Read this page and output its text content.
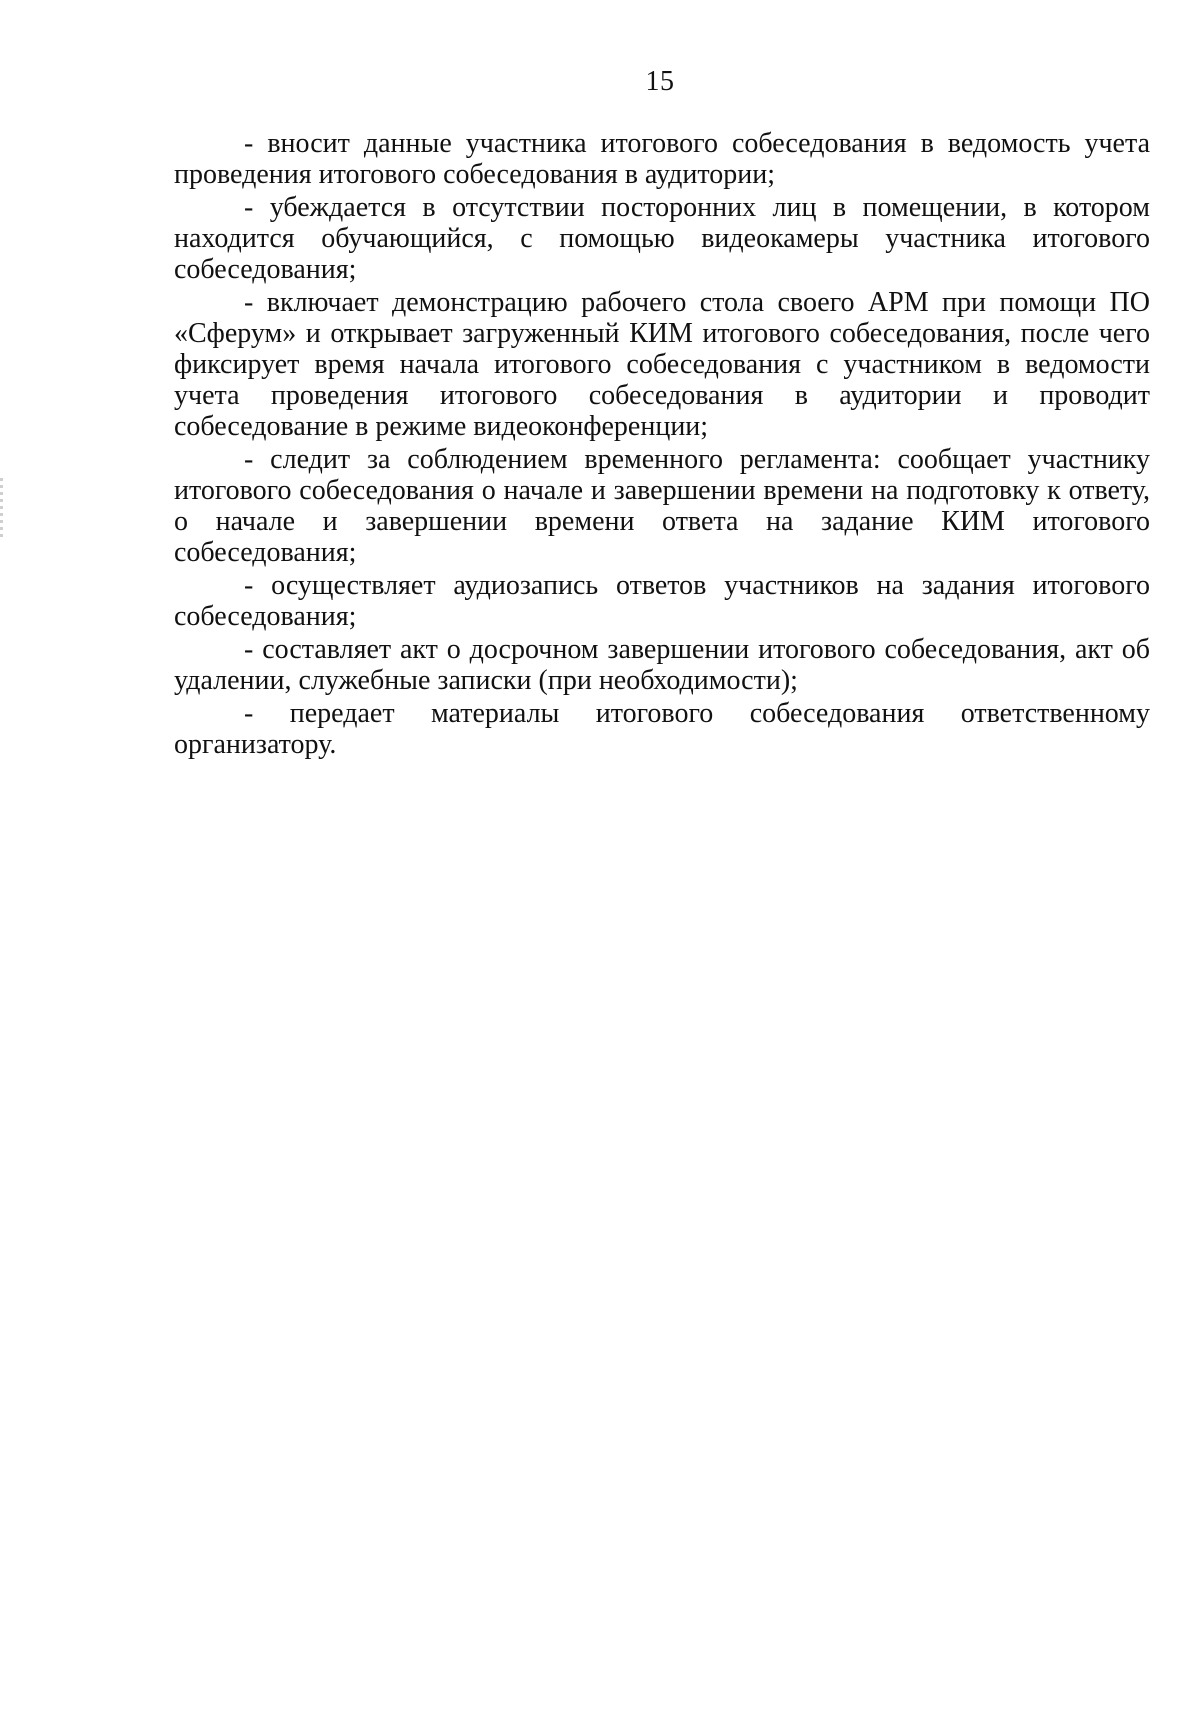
15

- вносит данные участника итогового собеседования в ведомость учета проведения итогового собеседования в аудитории;

- убеждается в отсутствии посторонних лиц в помещении, в котором находится обучающийся, с помощью видеокамеры участника итогового собеседования;

- включает демонстрацию рабочего стола своего АРМ при помощи ПО «Сферум» и открывает загруженный КИМ итогового собеседования, после чего фиксирует время начала итогового собеседования с участником в ведомости учета проведения итогового собеседования в аудитории и проводит собеседование в режиме видеоконференции;

- следит за соблюдением временного регламента: сообщает участнику итогового собеседования о начале и завершении времени на подготовку к ответу, о начале и завершении времени ответа на задание КИМ итогового собеседования;

- осуществляет аудиозапись ответов участников на задания итогового собеседования;

- составляет акт о досрочном завершении итогового собеседования, акт об удалении, служебные записки (при необходимости);

- передает материалы итогового собеседования ответственному организатору.
